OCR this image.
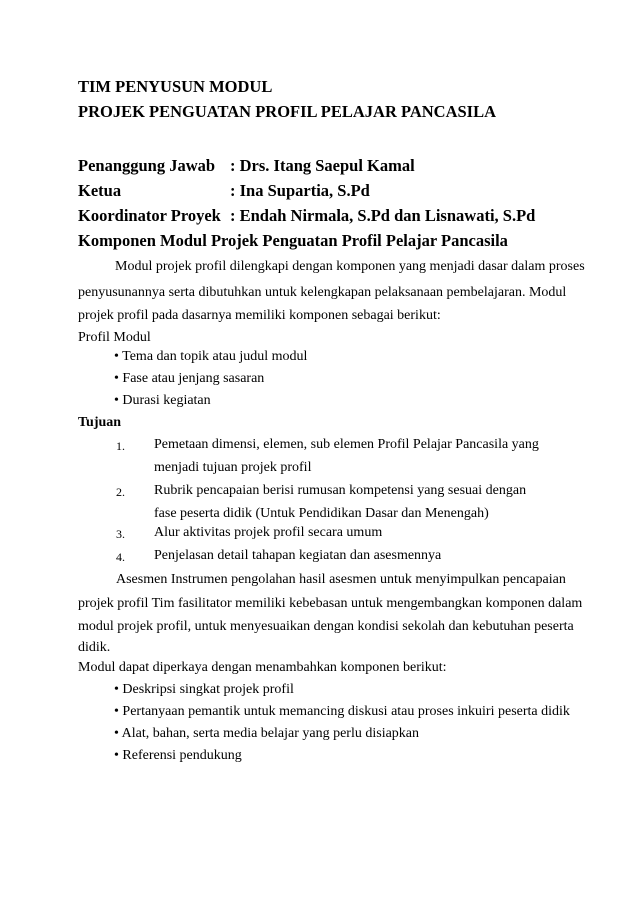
TIM PENYUSUN MODUL
PROJEK PENGUATAN PROFIL PELAJAR PANCASILA
Penanggung Jawab : Drs. Itang Saepul Kamal
Ketua	: Ina Supartia, S.Pd
Koordinator Proyek : Endah Nirmala, S.Pd dan Lisnawati, S.Pd
Komponen Modul Projek Penguatan Profil Pelajar Pancasila
Modul projek profil dilengkapi dengan komponen yang menjadi dasar dalam proses
penyusunannya serta dibutuhkan untuk kelengkapan pelaksanaan pembelajaran. Modul
projek profil pada dasarnya memiliki komponen sebagai berikut:
Profil Modul
• Tema dan topik atau judul modul
• Fase atau jenjang sasaran
• Durasi kegiatan
Tujuan
1. Pemetaan dimensi, elemen, sub elemen Profil Pelajar Pancasila yang
menjadi tujuan projek profil
2. Rubrik pencapaian berisi rumusan kompetensi yang sesuai dengan
fase peserta didik (Untuk Pendidikan Dasar dan Menengah)
3. Alur aktivitas projek profil secara umum
4. Penjelasan detail tahapan kegiatan dan asesmennya
Asesmen Instrumen pengolahan hasil asesmen untuk menyimpulkan pencapaian
projek profil Tim fasilitator memiliki kebebasan untuk mengembangkan komponen dalam
modul projek profil, untuk menyesuaikan dengan kondisi sekolah dan kebutuhan peserta
didik.
Modul dapat diperkaya dengan menambahkan komponen berikut:
• Deskripsi singkat projek profil
• Pertanyaan pemantik untuk memancing diskusi atau proses inkuiri peserta didik
• Alat, bahan, serta media belajar yang perlu disiapkan
• Referensi pendukung
